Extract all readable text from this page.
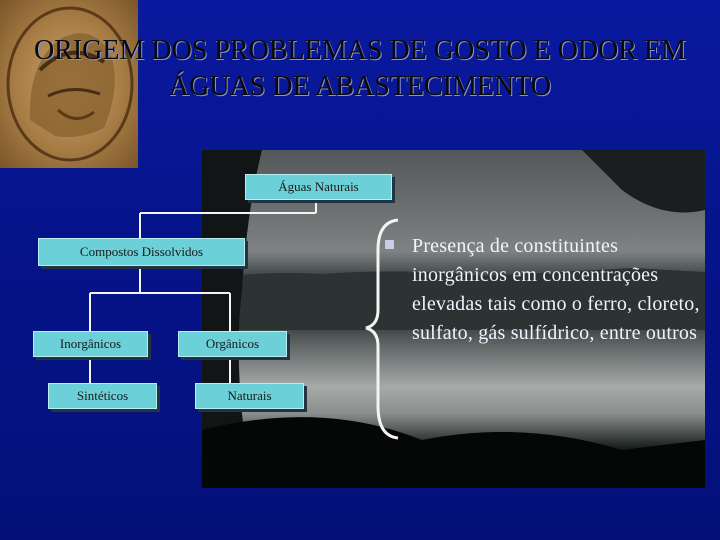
ORIGEM DOS PROBLEMAS DE GOSTO E ODOR EM ÁGUAS DE ABASTECIMENTO
Águas Naturais
Compostos Dissolvidos
Inorgânicos	Orgânicos
Sintéticos	Naturais
Presença de constituintes inorgânicos em concentrações elevadas tais como o ferro, cloreto, sulfato, gás sulfídrico, entre outros
